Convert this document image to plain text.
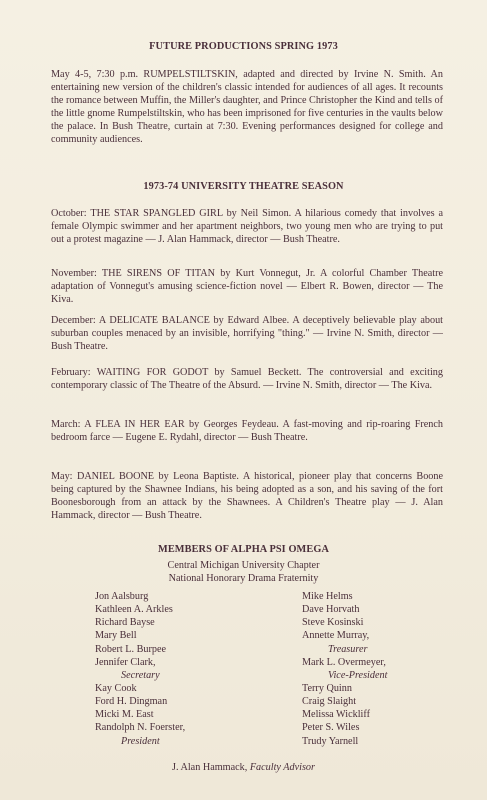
FUTURE PRODUCTIONS SPRING 1973
May 4-5, 7:30 p.m. RUMPELSTILTSKIN, adapted and directed by Irvine N. Smith. An entertaining new version of the children's classic intended for audiences of all ages. It recounts the romance between Muffin, the Miller's daughter, and Prince Christopher the Kind and tells of the little gnome Rumpelstiltskin, who has been imprisoned for five centuries in the vaults below the palace. In Bush Theatre, curtain at 7:30. Evening performances designed for college and community audiences.
1973-74 UNIVERSITY THEATRE SEASON
October: THE STAR SPANGLED GIRL by Neil Simon. A hilarious comedy that involves a female Olympic swimmer and her apartment neighbors, two young men who are trying to put out a protest magazine — J. Alan Hammack, director — Bush Theatre.
November: THE SIRENS OF TITAN by Kurt Vonnegut, Jr. A colorful Chamber Theatre adaptation of Vonnegut's amusing science-fiction novel — Elbert R. Bowen, director — The Kiva.
December: A DELICATE BALANCE by Edward Albee. A deceptively believable play about suburban couples menaced by an invisible, horrifying "thing." — Irvine N. Smith, director — Bush Theatre.
February: WAITING FOR GODOT by Samuel Beckett. The controversial and exciting contemporary classic of The Theatre of the Absurd. — Irvine N. Smith, director — The Kiva.
March: A FLEA IN HER EAR by Georges Feydeau. A fast-moving and rip-roaring French bedroom farce — Eugene E. Rydahl, director — Bush Theatre.
May: DANIEL BOONE by Leona Baptiste. A historical, pioneer play that concerns Boone being captured by the Shawnee Indians, his being adopted as a son, and his saving of the fort Boonesborough from an attack by the Shawnees. A Children's Theatre play — J. Alan Hammack, director — Bush Theatre.
MEMBERS OF ALPHA PSI OMEGA
Central Michigan University Chapter
National Honorary Drama Fraternity
Jon Aalsburg
Kathleen A. Arkles
Richard Bayse
Mary Bell
Robert L. Burpee
Jennifer Clark,
Secretary
Kay Cook
Ford H. Dingman
Micki M. East
Randolph N. Foerster,
President
Mike Helms
Dave Horvath
Steve Kosinski
Annette Murray,
Treasurer
Mark L. Overmeyer,
Vice-President
Terry Quinn
Craig Slaight
Melissa Wickliff
Peter S. Wiles
Trudy Yarnell
J. Alan Hammack, Faculty Advisor
